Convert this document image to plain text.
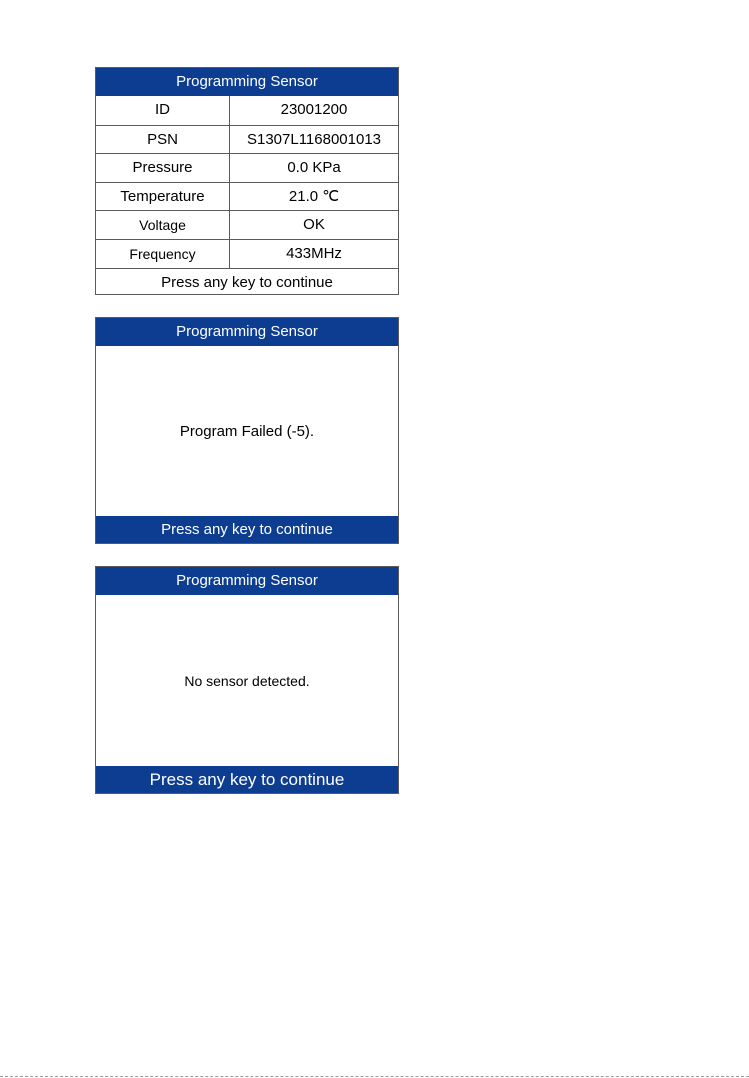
Programming Sensor
ID	23001200
PSN	S1307L1168001013
Pressure	0.0 KPa
Temperature	21.0 ℃
Voltage	OK
Frequency	433MHz
Press any key to continue
Programming Sensor
Program Failed (-5).
Press any key to continue
Programming Sensor
No sensor detected.
Press any key to continue
